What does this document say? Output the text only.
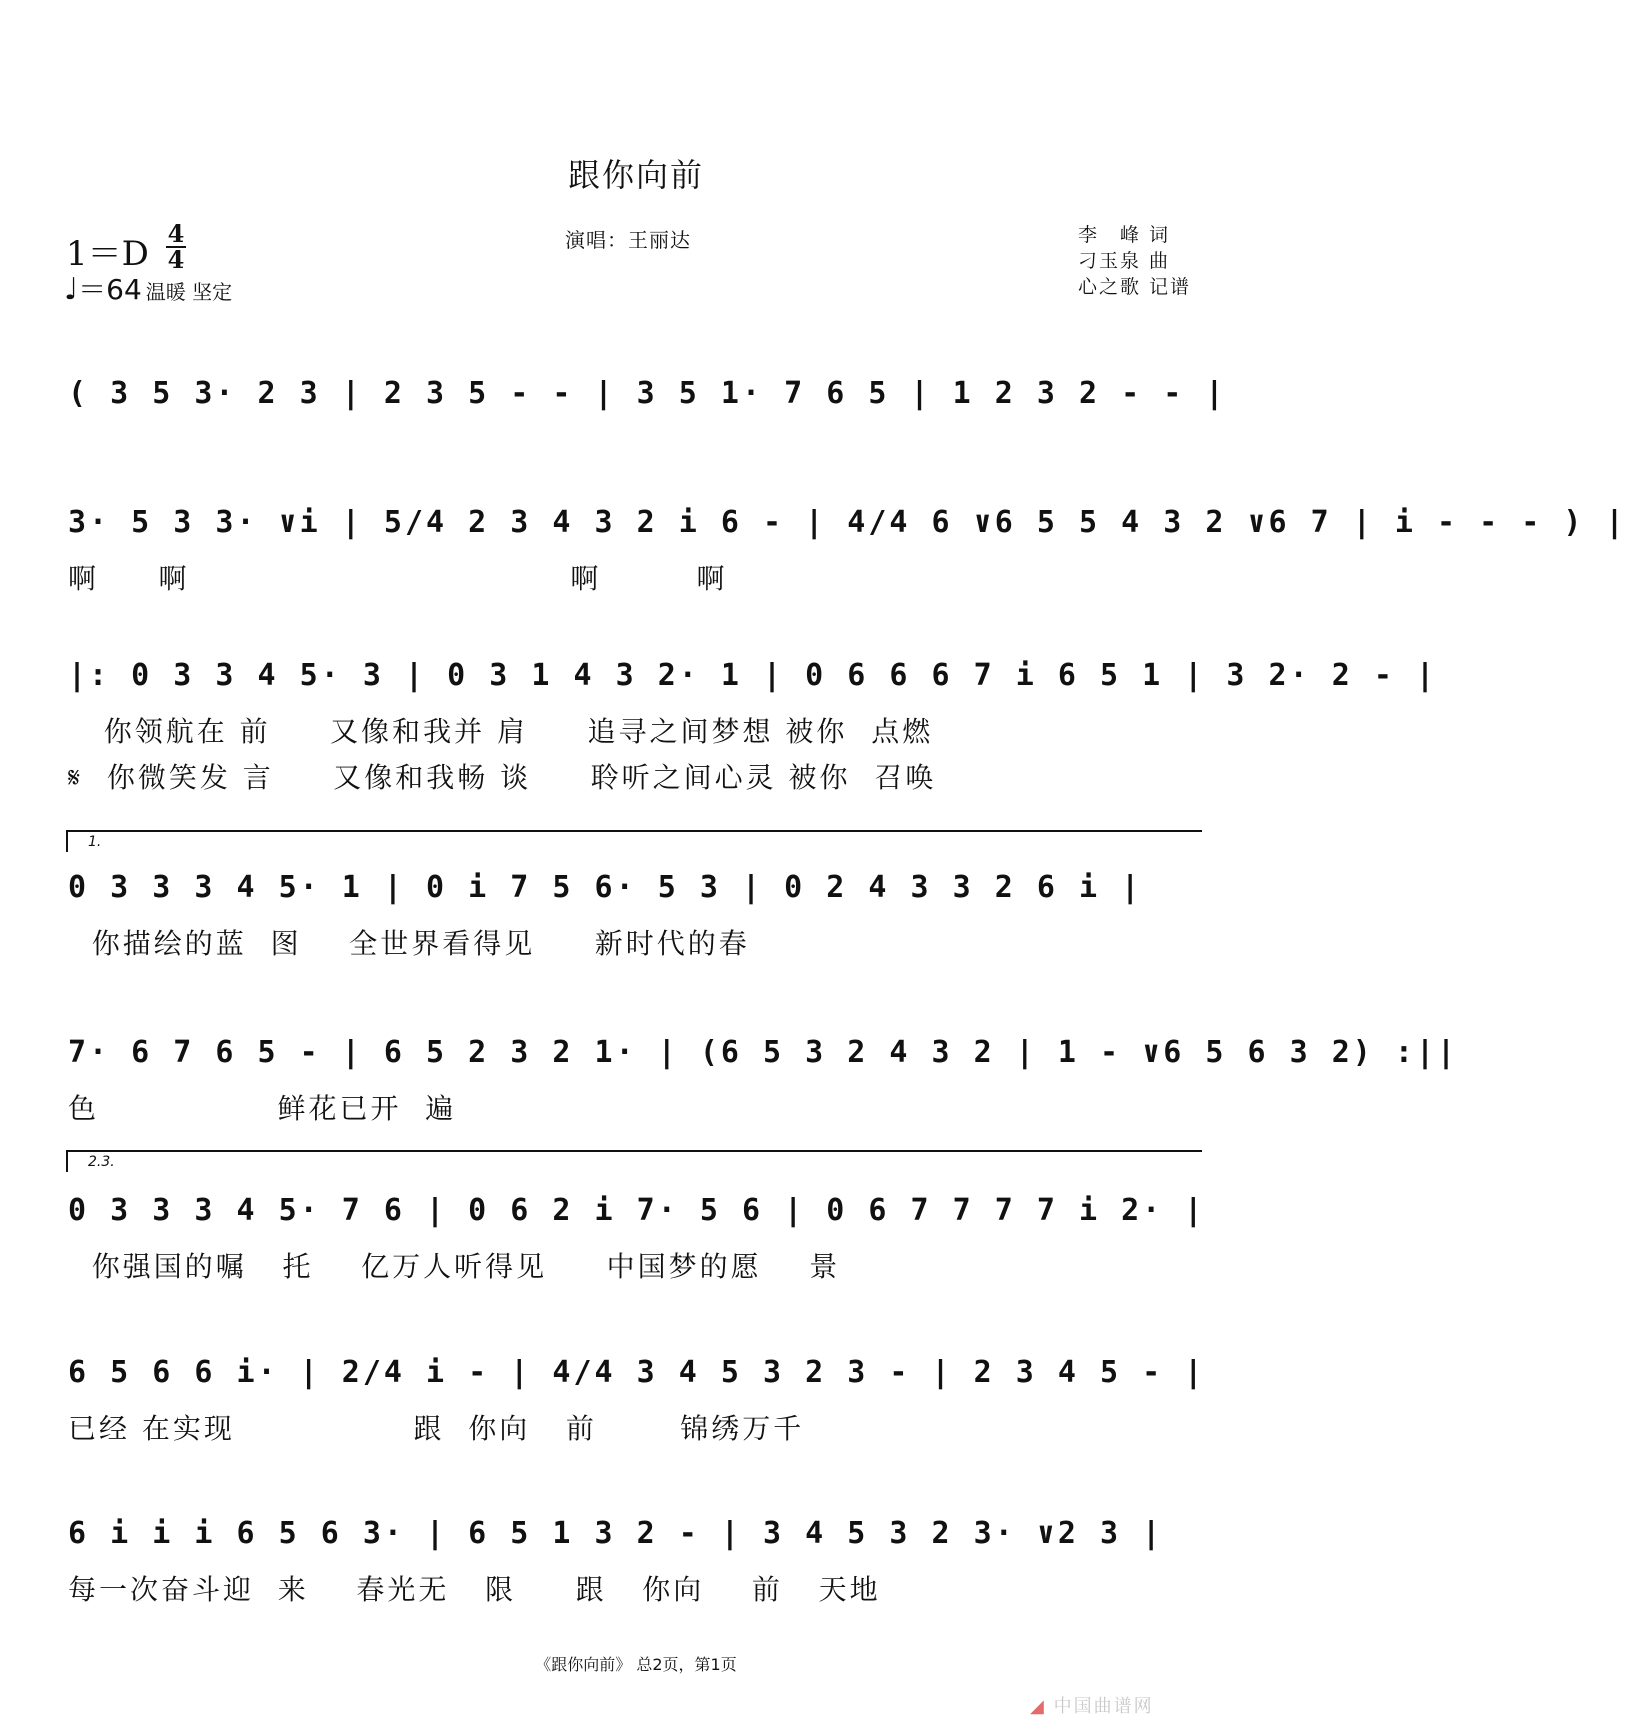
跟你向前
演唱：王丽达	李　峰 词
刁玉泉 曲
心之歌 记谱
1＝D
4
4
♩＝64 温暖 坚定
( 3 5 3· 2 3 | 2 3 5 - - | 3 5 1· 7 6 5 | 1 2 3 2 - - |
3· 5 3 3· ∨i | 5/4 2 3 4 3 2 i 6 - | 4/4 6 ∨6 5 5 4 3 2 ∨6 7 | i - - - ) |
啊     啊                                啊        啊
|: 0 3 3 4 5· 3 | 0 3 1 4 3 2· 1 | 0 6 6 6 7 i 6 5 1 | 3 2· 2 - |
你领航在 前     又像和我并 肩     追寻之间梦想 被你  点燃
𝄋  你微笑发 言     又像和我畅 谈     聆听之间心灵 被你  召唤
1.
0 3 3 3 4 5· 1 | 0 i 7 5 6· 5 3 | 0 2 4 3 3 2 6 i |
你描绘的蓝  图    全世界看得见     新时代的春
7· 6 7 6 5 - | 6 5 2 3 2 1· | (6 5 3 2 4 3 2 | 1 - ∨6 5 6 3 2) :||
色               鲜花已开  遍
2.3.
0 3 3 3 4 5· 7 6 | 0 6 2 i 7· 5 6 | 0 6 7 7 7 7 i 2· |
你强国的嘱   托    亿万人听得见     中国梦的愿    景
6 5 6 6 i· | 2/4 i - | 4/4 3 4 5 3 2 3 - | 2 3 4 5 - |
已经 在实现               跟  你向   前       锦绣万千
6 i i i 6 5 6 3· | 6 5 1 3 2 - | 3 4 5 3 2 3· ∨2 3 |
每一次奋斗迎  来    春光无   限     跟   你向    前   天地
《跟你向前》 总2页，第1页
◢ 中国曲谱网
